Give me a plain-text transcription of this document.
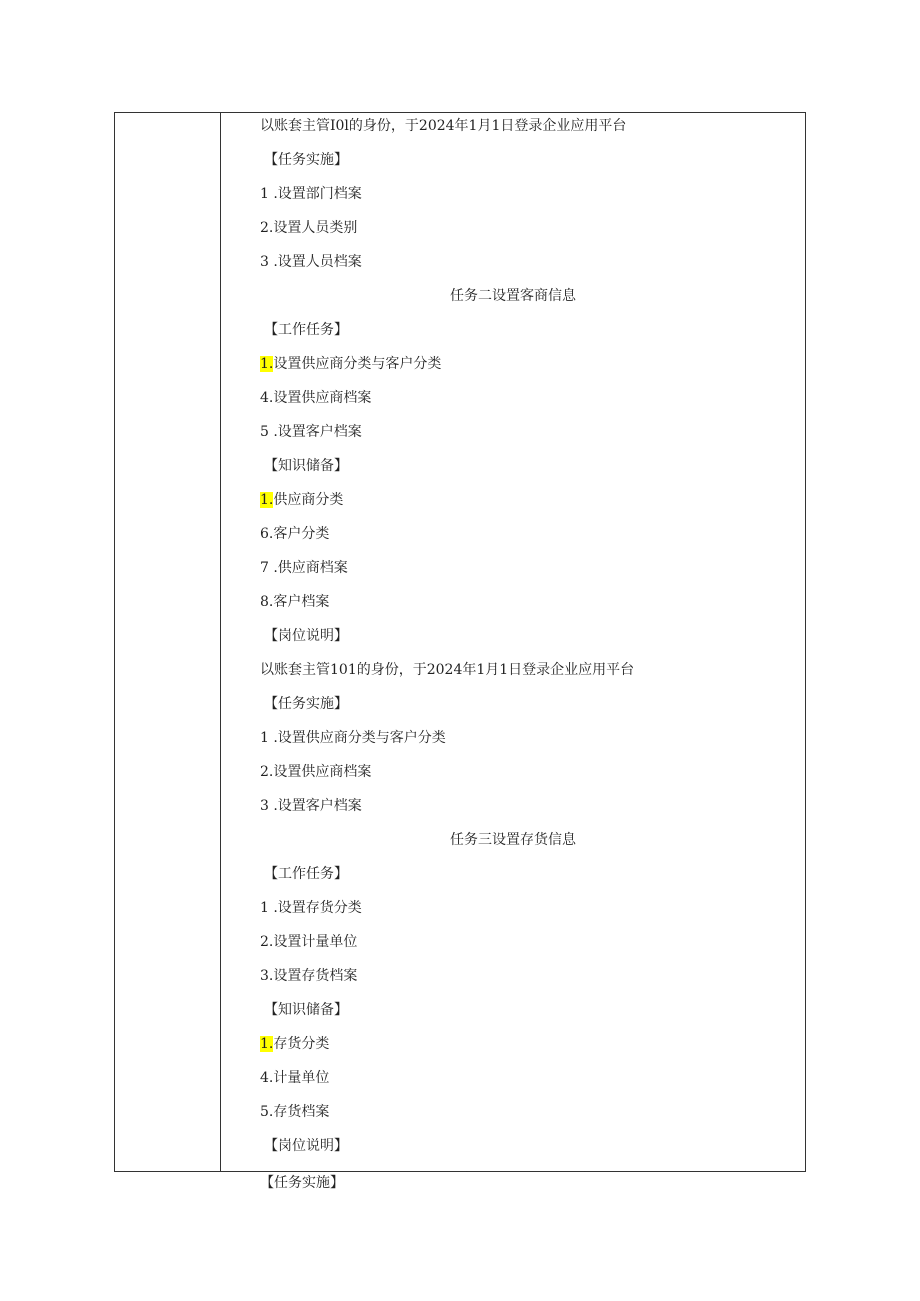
以账套主管I0l的身份，于2024年1月1日登录企业应用平台
【任务实施】
1 .设置部门档案
2.设置人员类别
3 .设置人员档案
任务二设置客商信息
【工作任务】
1.设置供应商分类与客户分类
4.设置供应商档案
5 .设置客户档案
【知识储备】
1.供应商分类
6.客户分类
7 .供应商档案
8.客户档案
【岗位说明】
以账套主管101的身份，于2024年1月1日登录企业应用平台
【任务实施】
1 .设置供应商分类与客户分类
2.设置供应商档案
3 .设置客户档案
任务三设置存货信息
【工作任务】
1 .设置存货分类
2.设置计量单位
3.设置存货档案
【知识储备】
1.存货分类
4.计量单位
5.存货档案
【岗位说明】
【任务实施】
